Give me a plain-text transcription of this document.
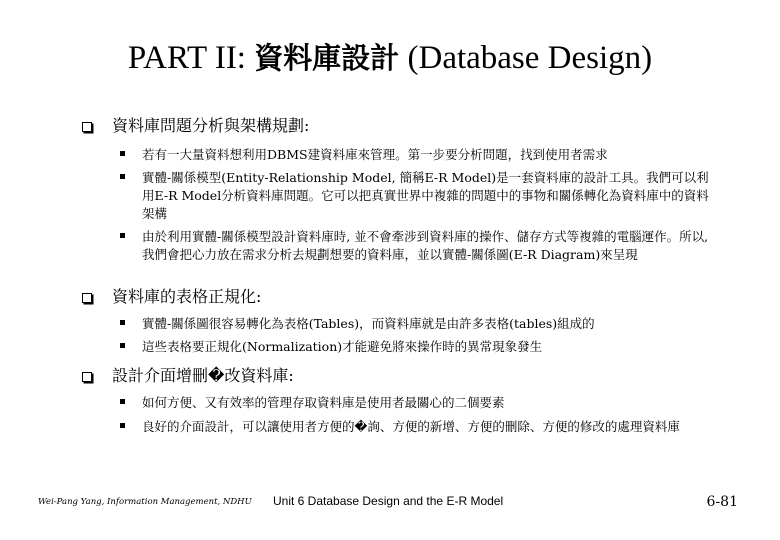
PART II: 資料庫設計 (Database Design)
資料庫問題分析與架構規劃:
若有一大量資料想利用DBMS建資料庫來管理。第一步要分析問題，找到使用者需求
實體-關係模型(Entity-Relationship Model, 簡稱E-R Model)是一套資料庫的設計工具。我們可以利用E-R Model分析資料庫問題。它可以把真實世界中複雜的問題中的事物和關係轉化為資料庫中的資料架構
由於利用實體-關係模型設計資料庫時, 並不會牽涉到資料庫的操作、儲存方式等複雜的電腦運作。所以,我們會把心力放在需求分析去規劃想要的資料庫，並以實體-關係圖(E-R Diagram)來呈現
資料庫的表格正規化:
實體-關係圖很容易轉化為表格(Tables)，而資料庫就是由許多表格(tables)組成的
這些表格要正規化(Normalization)才能避免將來操作時的異常現象發生
設計介面增刪�改資料庫:
如何方便、又有效率的管理存取資料庫是使用者最關心的二個要素
良好的介面設計，可以讓使用者方便的�詢、方便的新增、方便的刪除、方便的修改的處理資料庫
Wei-Pang Yang, Information Management, NDHU Unit 6 Database Design and the E-R Model	6-81
